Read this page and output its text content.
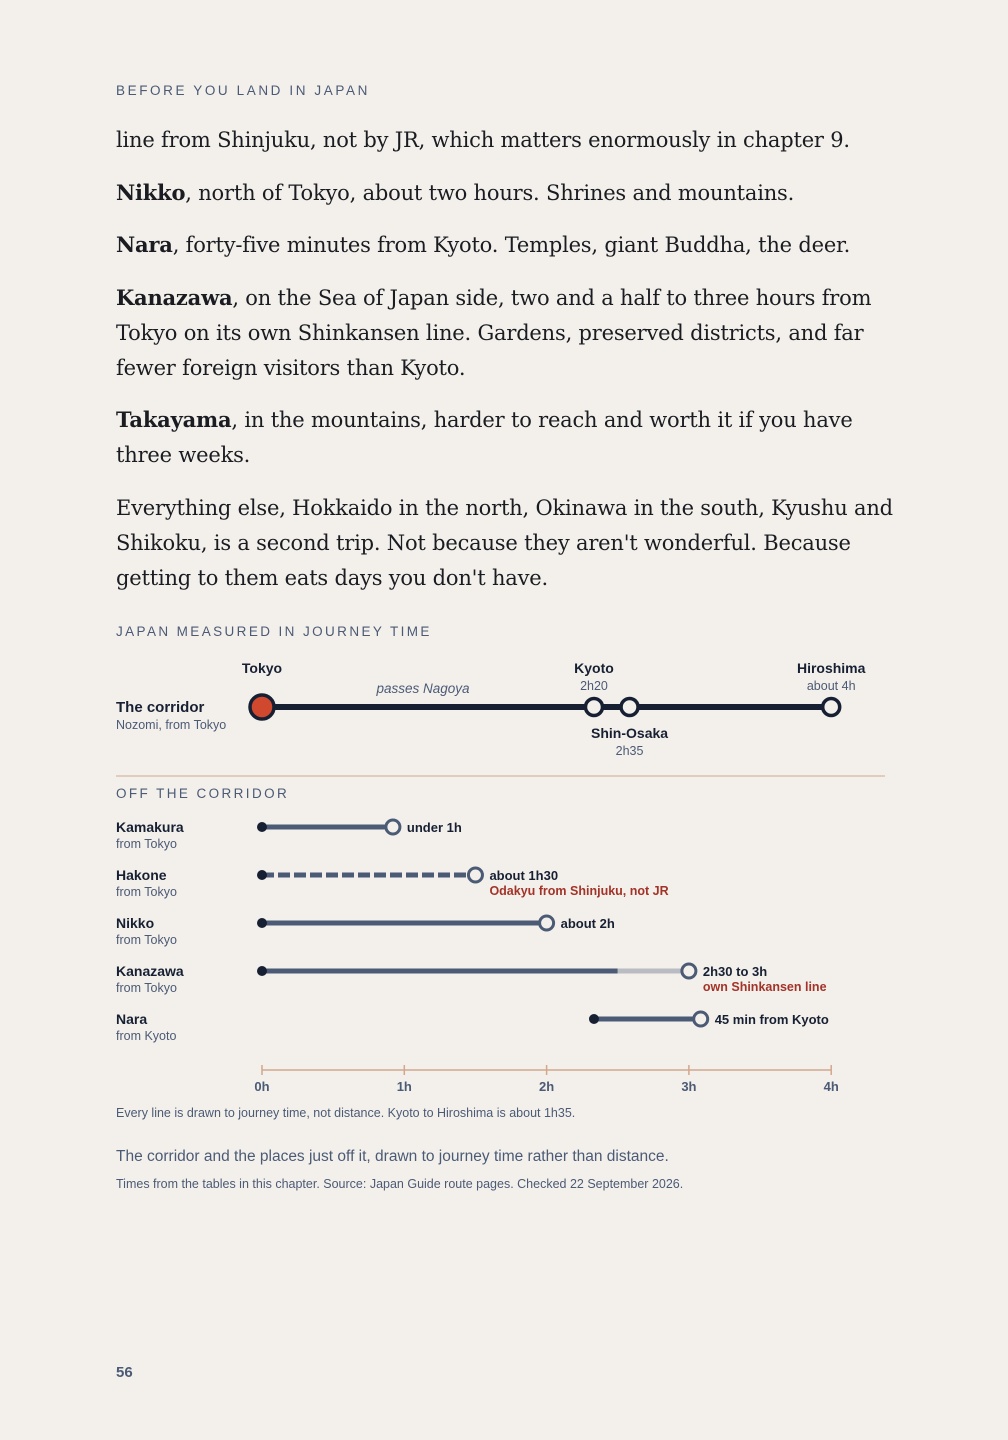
BEFORE YOU LAND IN JAPAN

line from Shinjuku, not by JR, which matters enormously in chapter 9.

Nikko, north of Tokyo, about two hours. Shrines and mountains.

Nara, forty-five minutes from Kyoto. Temples, giant Buddha, the deer.

Kanazawa, on the Sea of Japan side, two and a half to three hours from Tokyo on its own Shinkansen line. Gardens, preserved districts, and far fewer foreign visitors than Kyoto.

Takayama, in the mountains, harder to reach and worth it if you have three weeks.

Everything else, Hokkaido in the north, Okinawa in the south, Kyushu and Shikoku, is a second trip. Not because they aren't wonderful. Because getting to them eats days you don't have.

JAPAN MEASURED IN JOURNEY TIME
The corridor
Nozomi, from Tokyo
passes Nagoya
Tokyo	Kyoto
2h20
Shin-Osaka
2h35
Hiroshima
about 4h
OFF THE CORRIDOR
Kamakura
from Tokyo
under 1h
Hakone
from Tokyo
about 1h30
Odakyu from Shinjuku, not JR
Nikko
from Tokyo
about 2h
Kanazawa
from Tokyo
2h30 to 3h
own Shinkansen line
Nara
from Kyoto
45 min from Kyoto
0h	1h	2h	3h	4h
Every line is drawn to journey time, not distance. Kyoto to Hiroshima is about 1h35.
The corridor and the places just off it, drawn to journey time rather than distance.
Times from the tables in this chapter. Source: Japan Guide route pages. Checked 22 September 2026.
56
